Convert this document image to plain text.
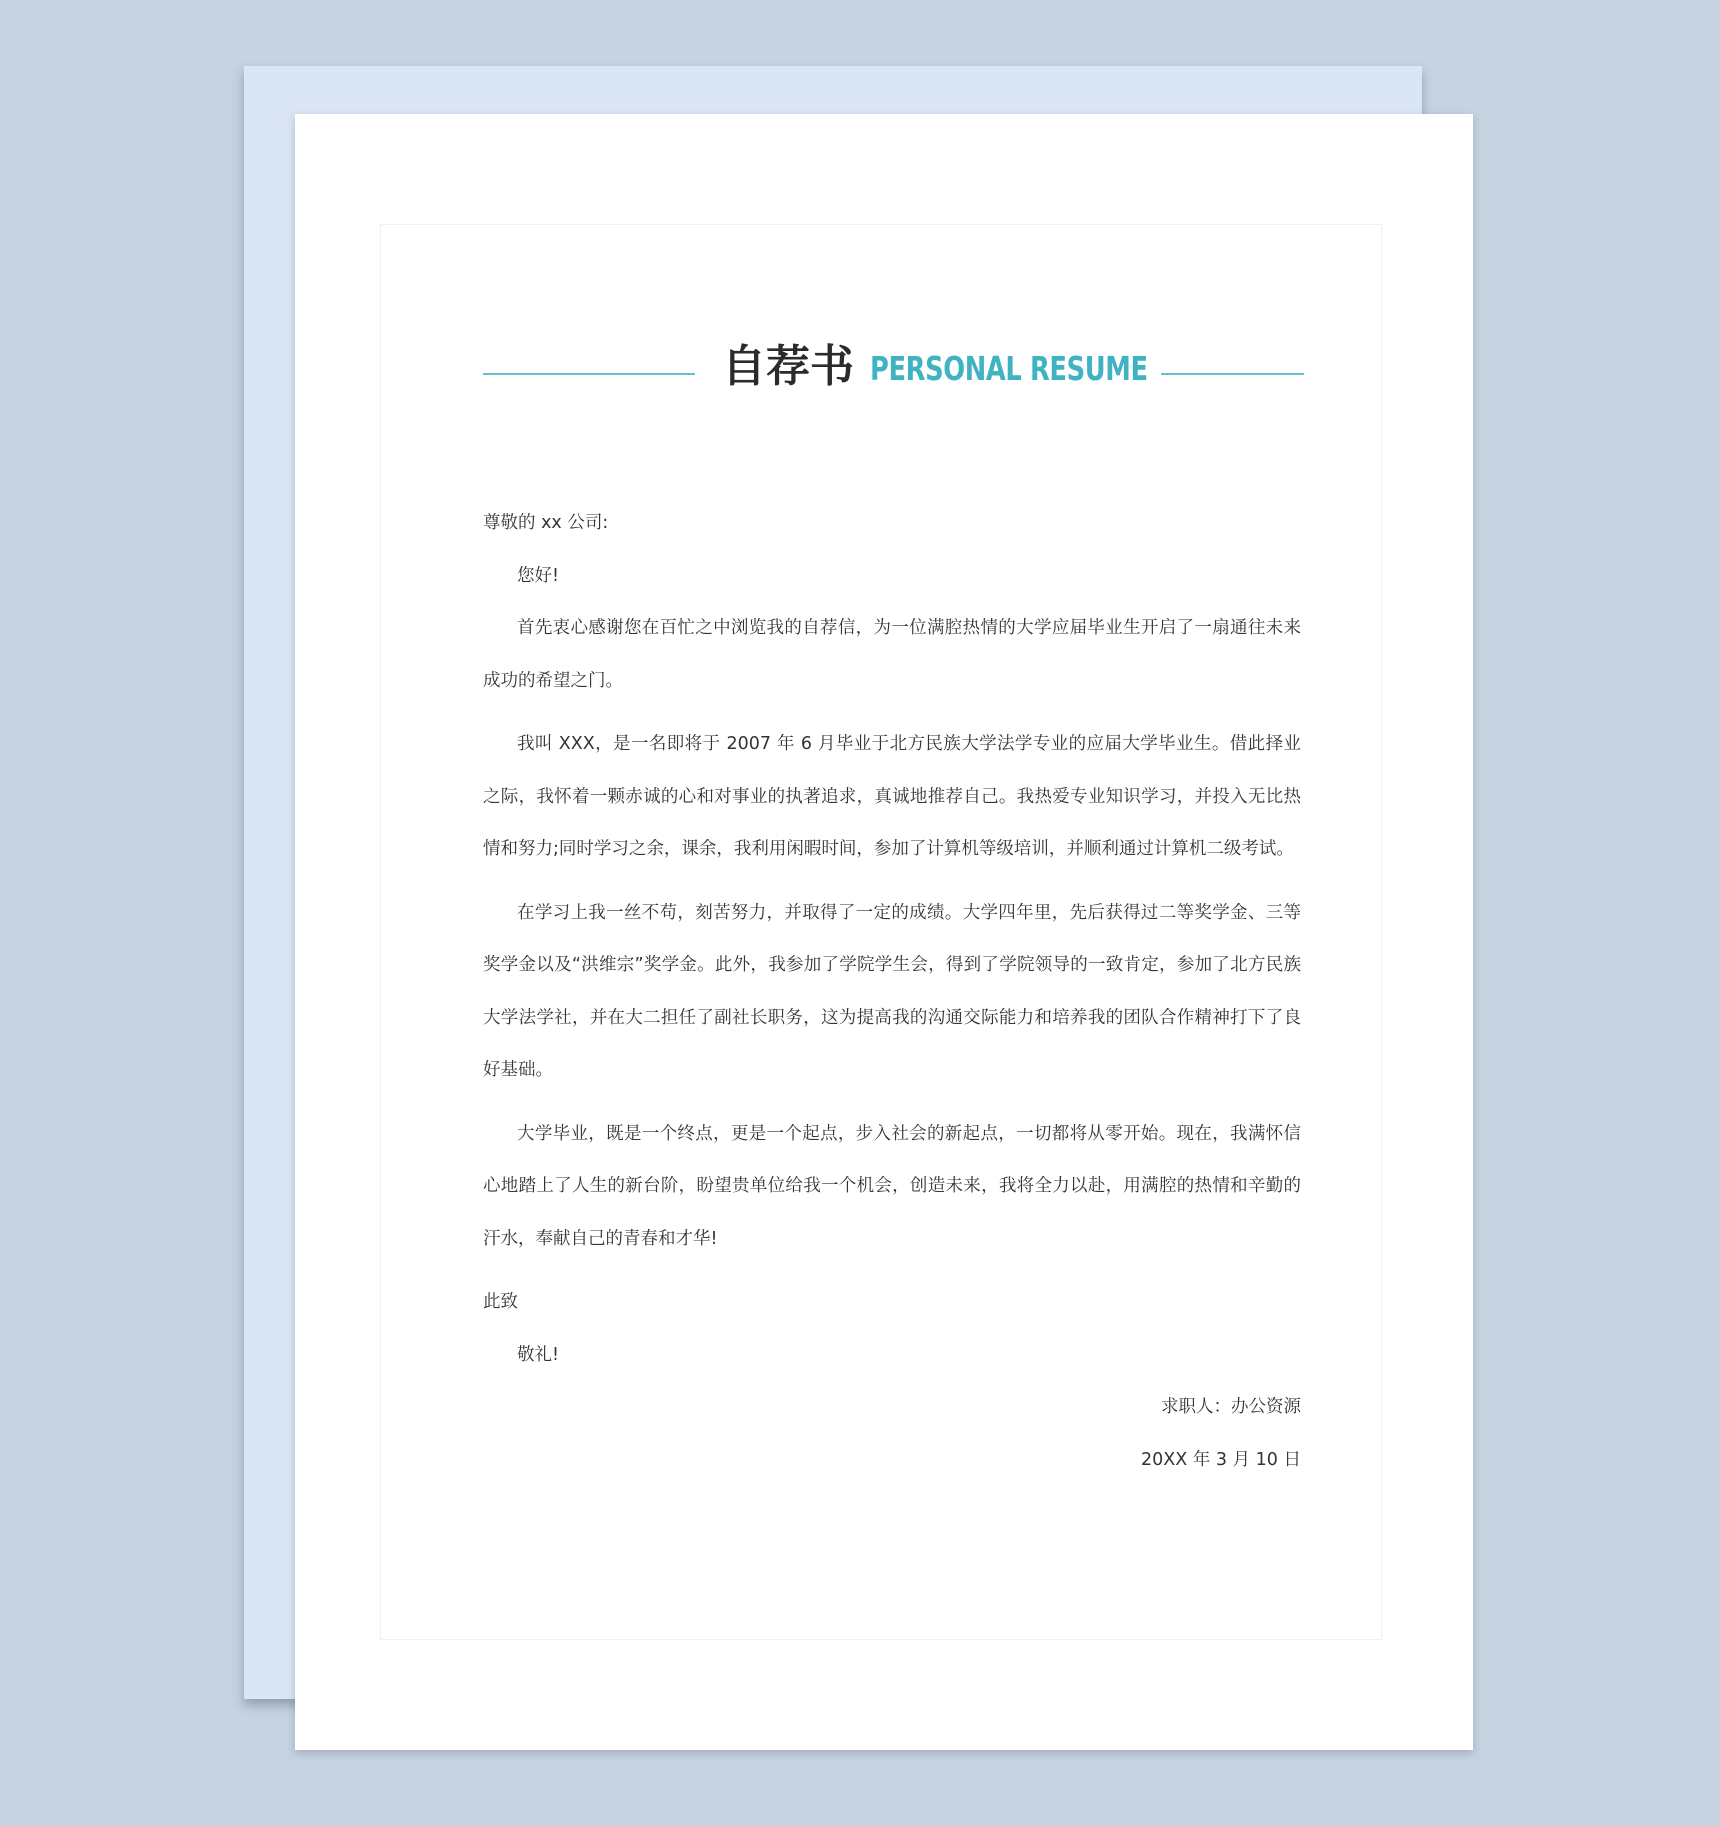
自荐书 PERSONAL RESUME

尊敬的 xx 公司:

您好!

首先衷心感谢您在百忙之中浏览我的自荐信，为一位满腔热情的大学应届毕业生开启了一扇通往未来成功的希望之门。

我叫 XXX，是一名即将于 2007 年 6 月毕业于北方民族大学法学专业的应届大学毕业生。借此择业之际，我怀着一颗赤诚的心和对事业的执著追求，真诚地推荐自己。我热爱专业知识学习，并投入无比热情和努力;同时学习之余，课余，我利用闲暇时间，参加了计算机等级培训，并顺利通过计算机二级考试。

在学习上我一丝不苟，刻苦努力，并取得了一定的成绩。大学四年里，先后获得过二等奖学金、三等奖学金以及“洪维宗”奖学金。此外，我参加了学院学生会，得到了学院领导的一致肯定，参加了北方民族大学法学社，并在大二担任了副社长职务，这为提高我的沟通交际能力和培养我的团队合作精神打下了良好基础。

大学毕业，既是一个终点，更是一个起点，步入社会的新起点，一切都将从零开始。现在，我满怀信心地踏上了人生的新台阶，盼望贵单位给我一个机会，创造未来，我将全力以赴，用满腔的热情和辛勤的汗水，奉献自己的青春和才华!

此致

敬礼!

求职人：办公资源

20XX 年 3 月 10 日
